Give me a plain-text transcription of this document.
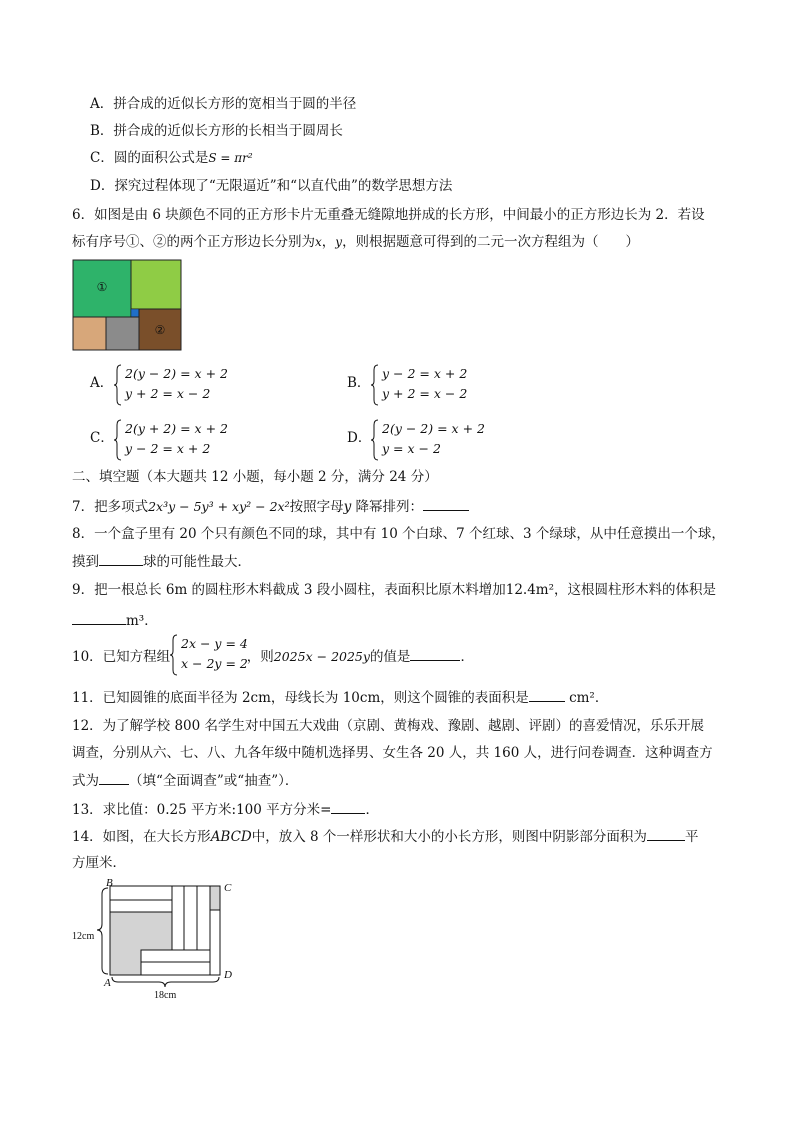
A．拼合成的近似长方形的宽相当于圆的半径
B．拼合成的近似长方形的长相当于圆周长
C．圆的面积公式是S = πr²
D．探究过程体现了“无限逼近”和“以直代曲”的数学思想方法
6．如图是由 6 块颜色不同的正方形卡片无重叠无缝隙地拼成的长方形，中间最小的正方形边长为 2．若设
标有序号①、②的两个正方形边长分别为x，y，则根据题意可得到的二元一次方程组为（　　）
①
②
A．
2(y − 2) = x + 2
y + 2 = x − 2
B．
y − 2 = x + 2
y + 2 = x − 2
C．
2(y + 2) = x + 2
y − 2 = x + 2
D．
2(y − 2) = x + 2
y = x − 2
二、填空题（本大题共 12 小题，每小题 2 分，满分 24 分）
7．把多项式2x³y − 5y³ + xy² − 2x²按照字母y 降幂排列：
8．一个盒子里有 20 个只有颜色不同的球，其中有 10 个白球、7 个红球、3 个绿球，从中任意摸出一个球，
摸到	球的可能性最大．
9．把一根总长 6m 的圆柱形木料截成 3 段小圆柱，表面积比原木料增加12.4m²，这根圆柱形木料的体积是
m³．
10．已知方程组	，则2025x − 2025y的值是	．
2x − y = 4
x − 2y = 2
11．已知圆锥的底面半径为 2cm，母线长为 10cm，则这个圆锥的表面积是	cm²．
12．为了解学校 800 名学生对中国五大戏曲（京剧、黄梅戏、豫剧、越剧、评剧）的喜爱情况，乐乐开展
调查，分别从六、七、八、九各年级中随机选择男、女生各 20 人，共 160 人，进行问卷调查．这种调查方
式为 （填“全面调查”或“抽查”）．
13．求比值：0.25 平方米:100 平方分米=	．
14．如图，在大长方形ABCD中，放入 8 个一样形状和大小的小长方形，则图中阴影部分面积为	平
方厘米．
B	C
A
D
12cm
18cm
